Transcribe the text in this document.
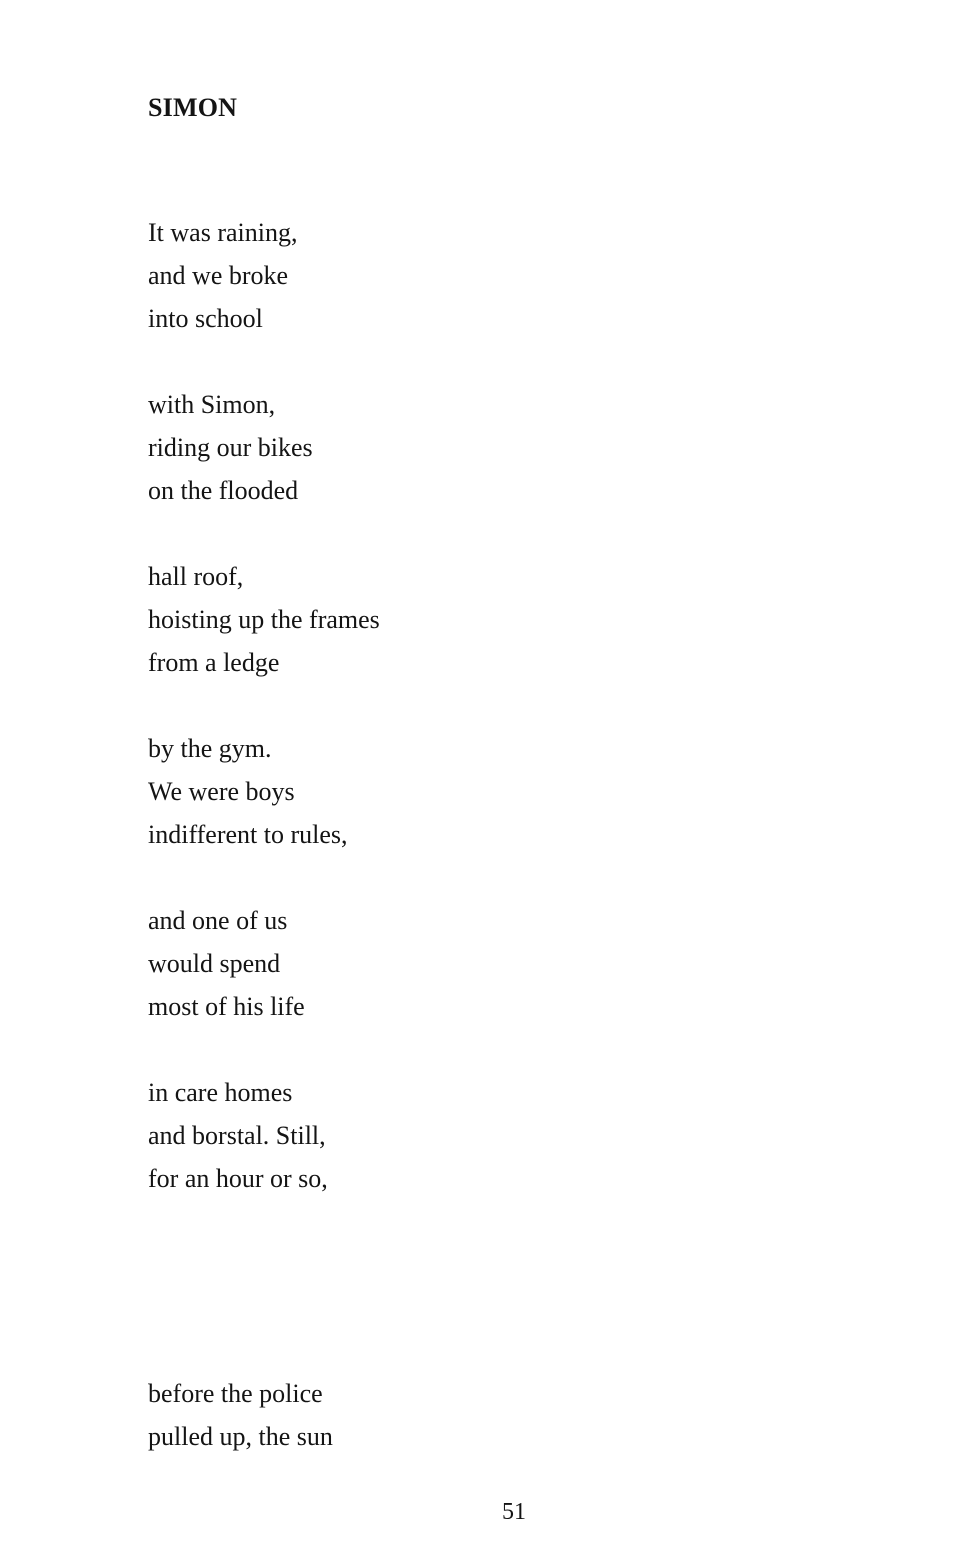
SIMON
It was raining,
and we broke
into school
with Simon,
riding our bikes
on the flooded
hall roof,
hoisting up the frames
from a ledge
by the gym.
We were boys
indifferent to rules,
and one of us
would spend
most of his life
in care homes
and borstal. Still,
for an hour or so,
before the police
pulled up, the sun
51
